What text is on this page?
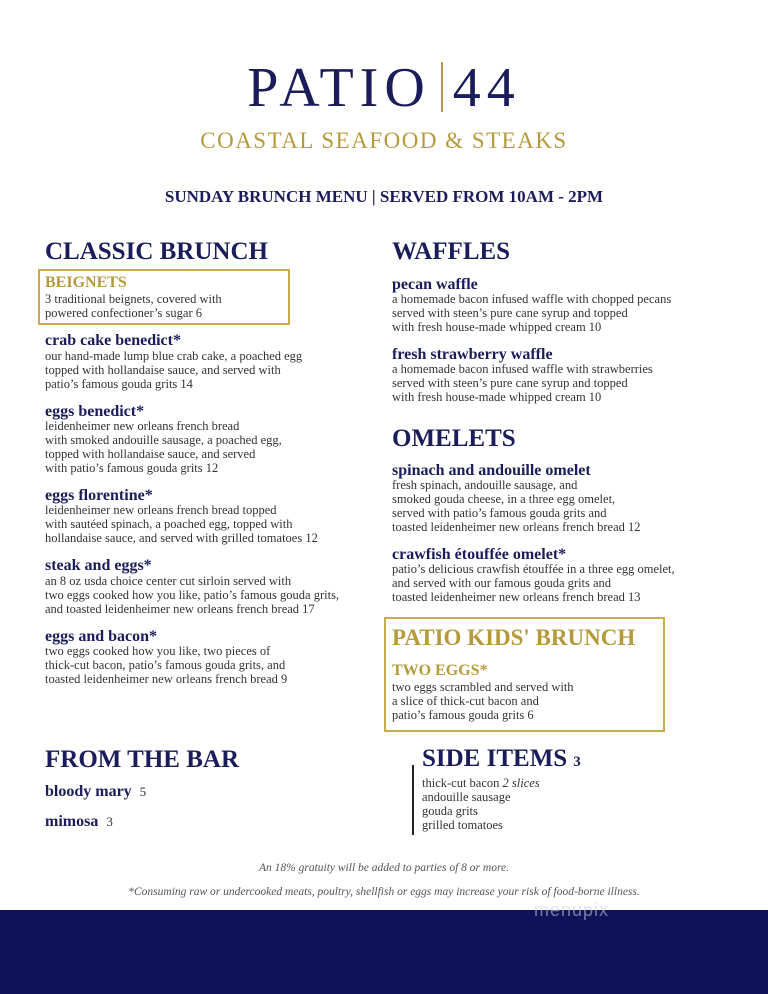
PATIO 44
COASTAL SEAFOOD & STEAKS
SUNDAY BRUNCH MENU | SERVED FROM 10AM - 2PM
CLASSIC BRUNCH
BEIGNETS
3 traditional beignets, covered with
powered confectioner’s sugar 6
crab cake benedict*
our hand-made lump blue crab cake, a poached egg
topped with hollandaise sauce, and served with
patio’s famous gouda grits 14
eggs benedict*
leidenheimer new orleans french bread
with smoked andouille sausage, a poached egg,
topped with hollandaise sauce, and served
with patio’s famous gouda grits 12
eggs florentine*
leidenheimer new orleans french bread topped
with sautéed spinach, a poached egg, topped with
hollandaise sauce, and served with grilled tomatoes 12
steak and eggs*
an 8 oz usda choice center cut sirloin served with
two eggs cooked how you like, patio’s famous gouda grits,
and toasted leidenheimer new orleans french bread 17
eggs and bacon*
two eggs cooked how you like, two pieces of
thick-cut bacon, patio’s famous gouda grits, and
toasted leidenheimer new orleans french bread 9
WAFFLES
pecan waffle
a homemade bacon infused waffle with chopped pecans
served with steen’s pure cane syrup and topped
with fresh house-made whipped cream 10
fresh strawberry waffle
a homemade bacon infused waffle with strawberries
served with steen’s pure cane syrup and topped
with fresh house-made whipped cream 10
OMELETS
spinach and andouille omelet
fresh spinach, andouille sausage, and
smoked gouda cheese, in a three egg omelet,
served with patio’s famous gouda grits and
toasted leidenheimer new orleans french bread 12
crawfish étouffée omelet*
patio’s delicious crawfish étouffée in a three egg omelet,
and served with our famous gouda grits and
toasted leidenheimer new orleans french bread 13
PATIO KIDS' BRUNCH
TWO EGGS*
two eggs scrambled and served with
a slice of thick-cut bacon and
patio’s famous gouda grits 6
FROM THE BAR
bloody mary 5
mimosa 3
SIDE ITEMS 3
thick-cut bacon 2 slices
andouille sausage
gouda grits
grilled tomatoes
An 18% gratuity will be added to parties of 8 or more.
*Consuming raw or undercooked meats, poultry, shellfish or eggs may increase your risk of food-borne illness.
menupix
